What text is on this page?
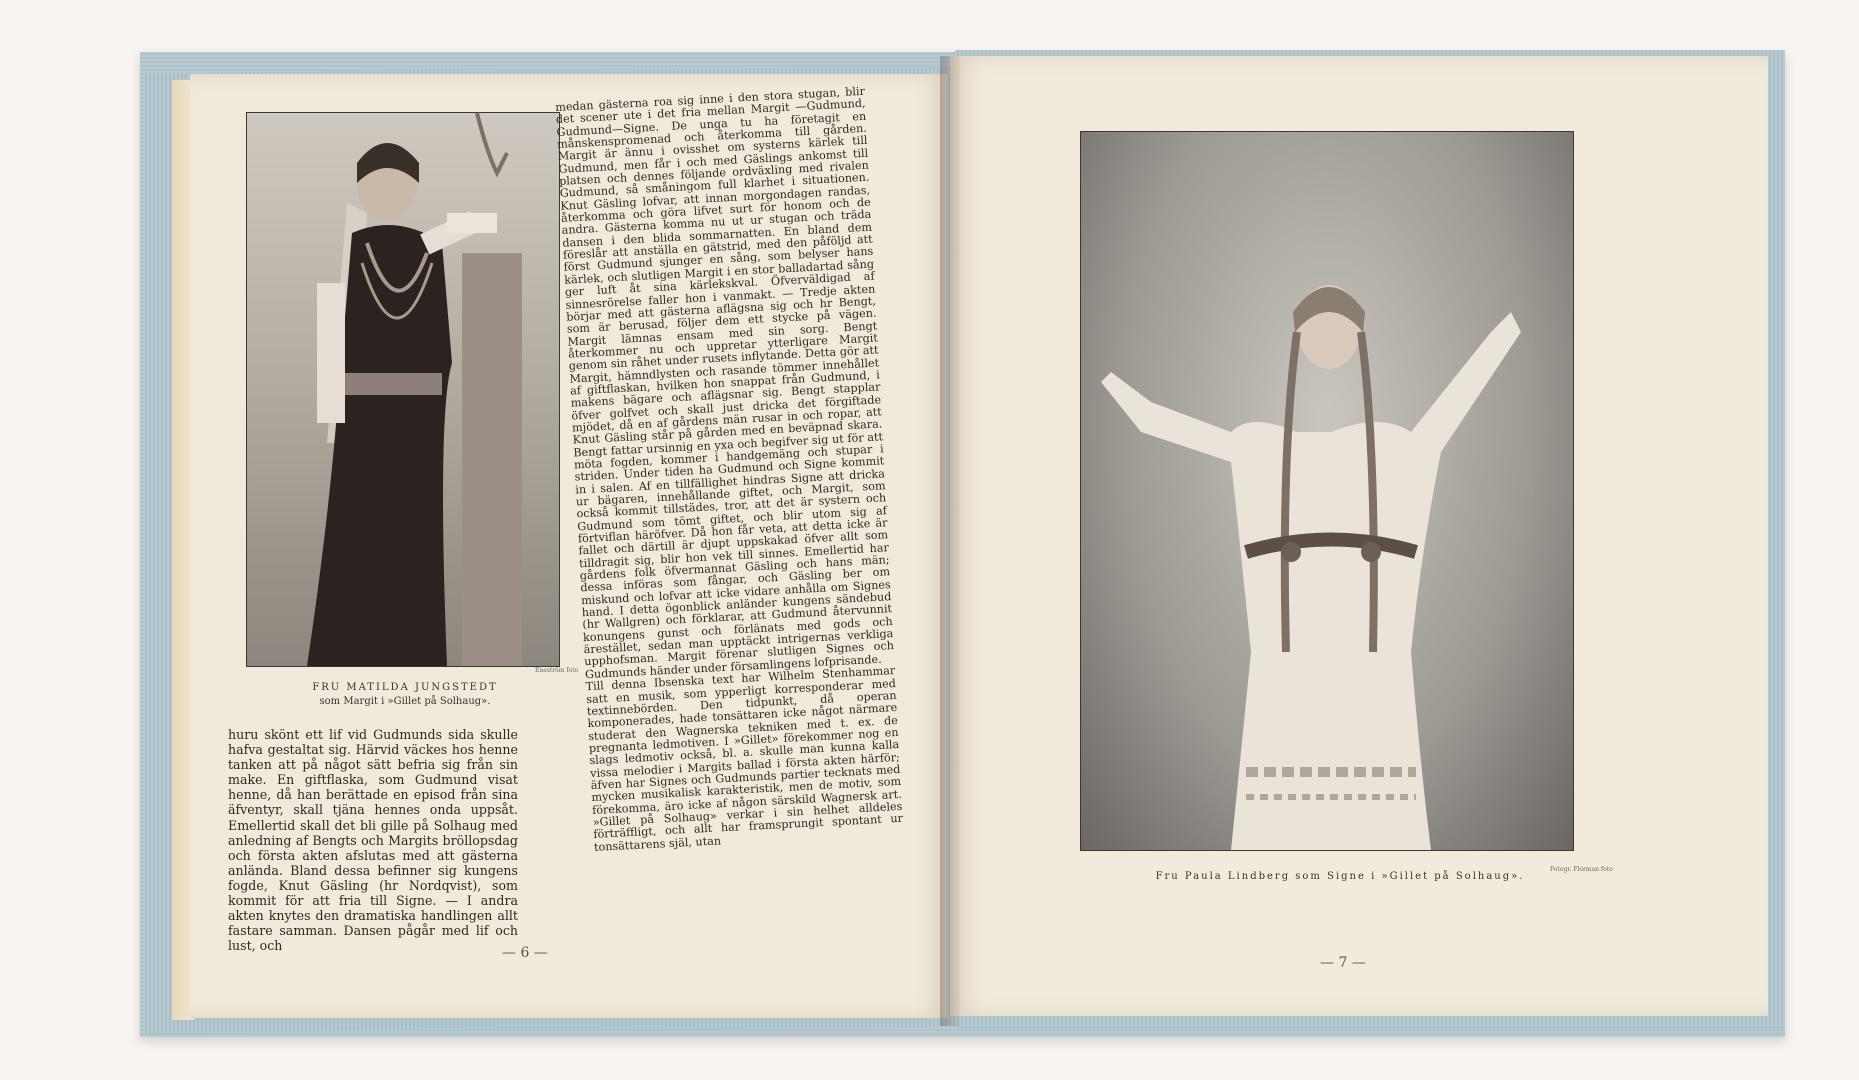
Eneström foto
FRU MATILDA JUNGSTEDT
som Margit i »Gillet på Solhaug».
medan gästerna roa sig inne i den stora stugan, blir det scener ute i det fria mellan Margit —Gudmund, Gudmund—Signe. De unga tu ha företagit en månskenspromenad och återkomma till gården. Margit är ännu i ovisshet om systerns kärlek till Gudmund, men får i och med Gäslings ankomst till platsen och dennes följande ordväxling med rivalen Gudmund, så småningom full klarhet i situationen. Knut Gäsling lofvar, att innan morgondagen randas, återkomma och göra lifvet surt för honom och de andra. Gästerna komma nu ut ur stugan och träda dansen i den blida sommarnatten. En bland dem föreslår att anställa en gätstrid, med den påföljd att först Gudmund sjunger en sång, som belyser hans kärlek, och slutligen Margit i en stor balladartad sång ger luft åt sina kärlekskval. Öfverväldigad af sinnesrörelse faller hon i vanmakt. — Tredje akten börjar med att gästerna aflägsna sig och hr Bengt, som är berusad, följer dem ett stycke på vägen. Margit lämnas ensam med sin sorg. Bengt återkommer nu och uppretar ytterligare Margit genom sin råhet under rusets inflytande. Detta gör att Margit, hämndlysten och rasande tömmer innehållet af giftflaskan, hvilken hon snappat från Gudmund, i makens bägare och aflägsnar sig. Bengt stapplar öfver golfvet och skall just dricka det förgiftade mjödet, då en af gårdens män rusar in och ropar, att Knut Gäsling står på gården med en beväpnad skara. Bengt fattar ursinnig en yxa och begifver sig ut för att möta fogden, kommer i handgemäng och stupar i striden. Under tiden ha Gudmund och Signe kommit in i salen. Af en tillfällighet hindras Signe att dricka ur bägaren, innehållande giftet, och Margit, som också kommit tillstädes, tror, att det är systern och Gudmund som tömt giftet, och blir utom sig af förtviflan häröfver. Då hon får veta, att detta icke är fallet och därtill är djupt uppskakad öfver allt som tilldragit sig, blir hon vek till sinnes. Emellertid har gårdens folk öfvermannat Gäsling och hans män; dessa införas som fångar, och Gäsling ber om miskund och lofvar att icke vidare anhålla om Signes hand. I detta ögonblick anländer kungens sändebud (hr Wallgren) och förklarar, att Gudmund återvunnit konungens gunst och förlänats med gods och ärestället, sedan man upptäckt intrigernas verkliga upphofsman. Margit förenar slutligen Signes och Gudmunds händer under församlingens lofprisande.
Till denna Ibsenska text har Wilhelm Stenhammar satt en musik, som ypperligt korresponderar med textinnebörden. Den tidpunkt, då operan komponerades, hade tonsättaren icke något närmare studerat den Wagnerska tekniken med t. ex. de pregnanta ledmotiven. I »Gillet» förekommer nog en slags ledmotiv också, bl. a. skulle man kunna kalla vissa melodier i Margits ballad i första akten härför; äfven har Signes och Gudmunds partier tecknats med mycken musikalisk karakteristik, men de motiv, som förekomma, äro icke af någon särskild Wagnersk art. »Gillet på Solhaug» verkar i sin helhet alldeles förträffligt, och allt har framsprungit spontant ur tonsättarens själ, utan
huru skönt ett lif vid Gudmunds sida skulle hafva gestaltat sig. Härvid väckes hos henne tanken att på något sätt befria sig från sin make. En giftflaska, som Gudmund visat henne, då han berättade en episod från sina äfventyr, skall tjäna hennes onda uppsåt. Emellertid skall det bli gille på Solhaug med anledning af Bengts och Margits bröllopsdag och första akten afslutas med att gästerna anlända. Bland dessa befinner sig kungens fogde, Knut Gäsling (hr Nordqvist), som kommit för att fria till Signe. — I andra akten knytes den dramatiska handlingen allt fastare samman. Dansen pågår med lif och lust, och	— 6 —
Fotogr. Florman foto
Fru Paula Lindberg som Signe i »Gillet på Solhaug».
— 7 —
